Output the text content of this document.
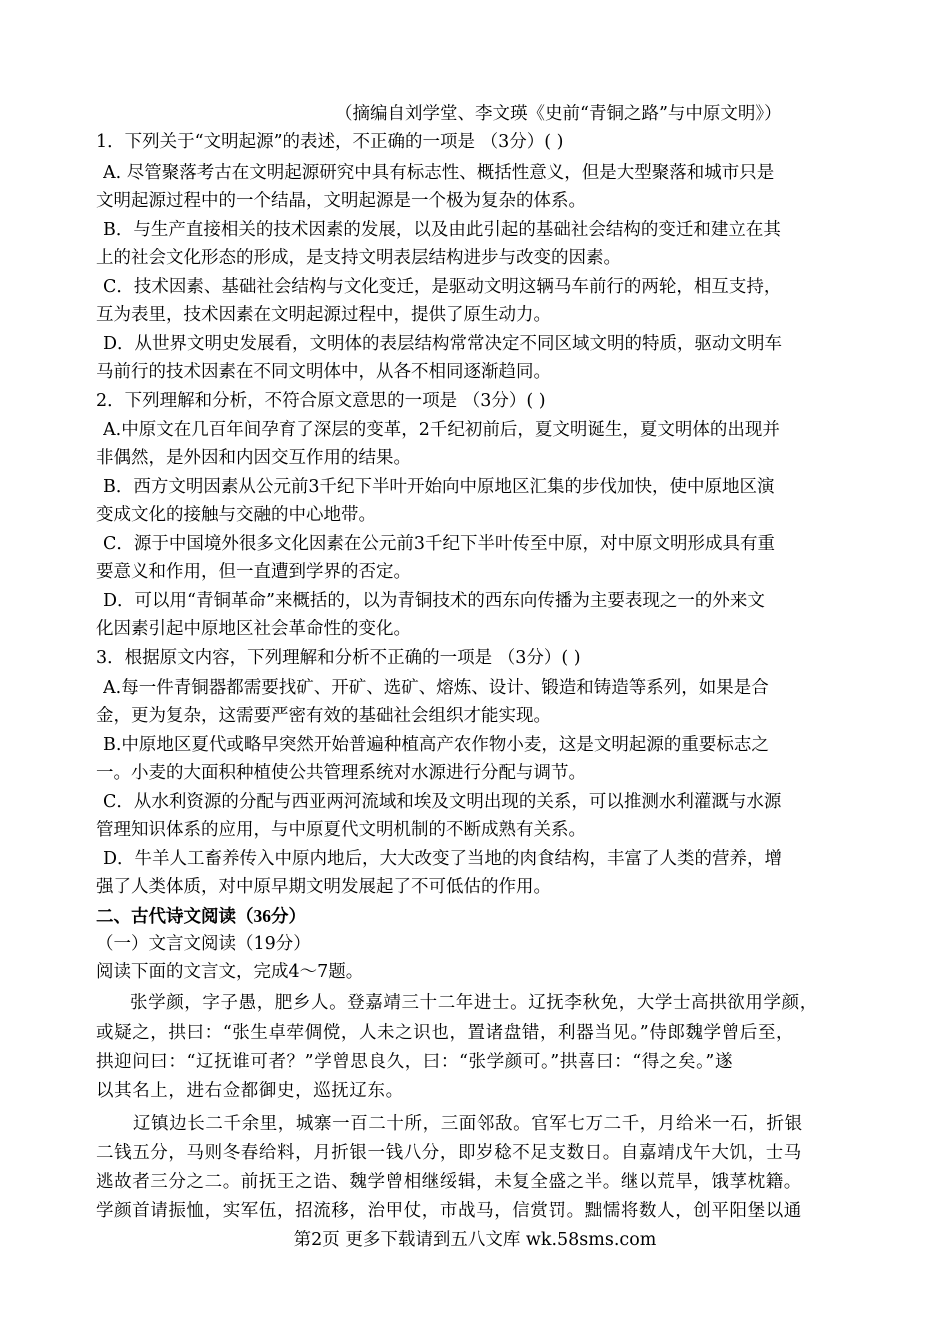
（摘编自刘学堂、李文瑛《史前“青铜之路”与中原文明》）
1．下列关于“文明起源”的表述，不正确的一项是 （3分）( )
A. 尽管聚落考古在文明起源研究中具有标志性、概括性意义，但是大型聚落和城市只是
文明起源过程中的一个结晶，文明起源是一个极为复杂的体系。
B．与生产直接相关的技术因素的发展，以及由此引起的基础社会结构的变迁和建立在其
上的社会文化形态的形成，是支持文明表层结构进步与改变的因素。
C．技术因素、基础社会结构与文化变迁，是驱动文明这辆马车前行的两轮，相互支持，
互为表里，技术因素在文明起源过程中，提供了原生动力。
D．从世界文明史发展看，文明体的表层结构常常决定不同区域文明的特质，驱动文明车
马前行的技术因素在不同文明体中，从各不相同逐渐趋同。
2．下列理解和分析，不符合原文意思的一项是 （3分）( )
A.中原文在几百年间孕育了深层的变革，2千纪初前后，夏文明诞生，夏文明体的出现并
非偶然，是外因和内因交互作用的结果。
B．西方文明因素从公元前3千纪下半叶开始向中原地区汇集的步伐加快，使中原地区演
变成文化的接触与交融的中心地带。
C．源于中国境外很多文化因素在公元前3千纪下半叶传至中原，对中原文明形成具有重
要意义和作用，但一直遭到学界的否定。
D．可以用“青铜革命”来概括的，以为青铜技术的西东向传播为主要表现之一的外来文
化因素引起中原地区社会革命性的变化。
3．根据原文内容，下列理解和分析不正确的一项是 （3分）( )
A.每一件青铜器都需要找矿、开矿、选矿、熔炼、设计、锻造和铸造等系列，如果是合
金，更为复杂，这需要严密有效的基础社会组织才能实现。
B.中原地区夏代或略早突然开始普遍种植高产农作物小麦，这是文明起源的重要标志之
一。小麦的大面积种植使公共管理系统对水源进行分配与调节。
C．从水利资源的分配与西亚两河流域和埃及文明出现的关系，可以推测水利灌溉与水源
管理知识体系的应用，与中原夏代文明机制的不断成熟有关系。
D．牛羊人工畜养传入中原内地后，大大改变了当地的肉食结构，丰富了人类的营养，增
强了人类体质，对中原早期文明发展起了不可低估的作用。
二、古代诗文阅读（36分）
（一）文言文阅读（19分）
阅读下面的文言文，完成4～7题。
张学颜，字子愚，肥乡人。登嘉靖三十二年进士。辽抚李秋免，大学士高拱欲用学颜，
或疑之，拱曰：“张生卓荦倜傥，人未之识也，置诸盘错，利器当见。”侍郎魏学曾后至，
拱迎问曰：“辽抚谁可者？”学曾思良久，曰：“张学颜可。”拱喜曰：“得之矣。”遂
以其名上，进右佥都御史，巡抚辽东。
辽镇边长二千余里，城寨一百二十所，三面邻敌。官军七万二千，月给米一石，折银
二钱五分，马则冬春给料，月折银一钱八分，即岁稔不足支数日。自嘉靖戊午大饥，士马
逃故者三分之二。前抚王之诰、魏学曾相继绥辑，未复全盛之半。继以荒旱，饿莩枕籍。
学颜首请振恤，实军伍，招流移，治甲仗，市战马，信赏罚。黜懦将数人，创平阳堡以通
第2页 更多下载请到五八文库 wk.58sms.com
